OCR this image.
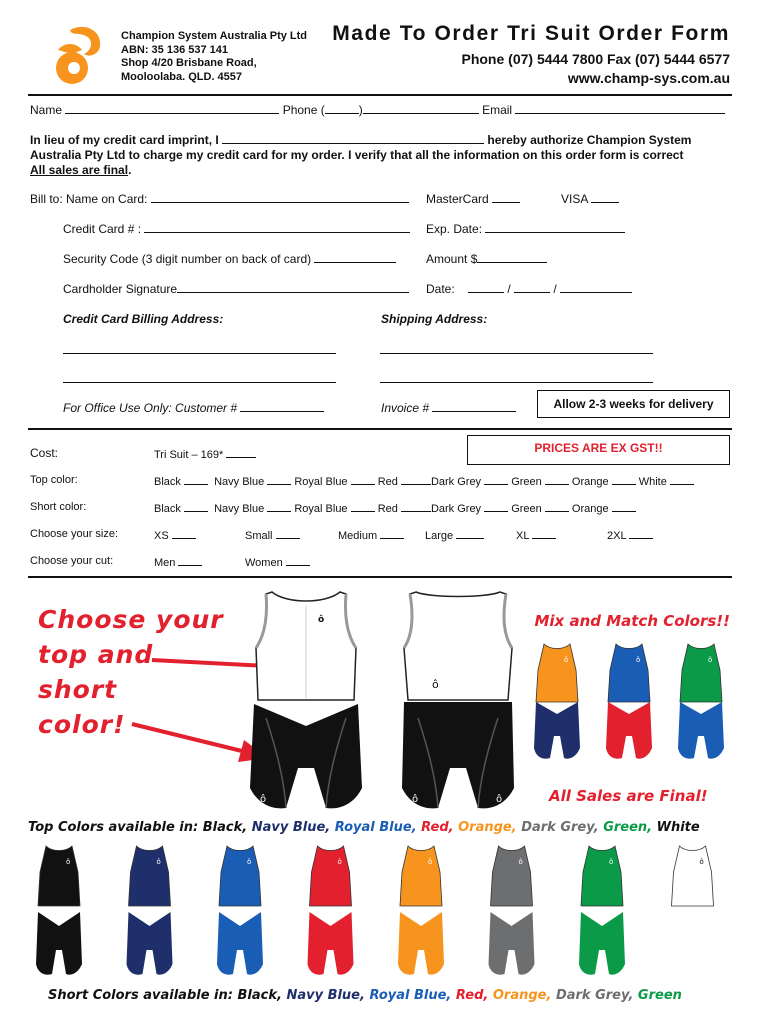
Champion System Australia Pty Ltd
ABN: 35 136 537 141
Shop 4/20 Brisbane Road,
Mooloolaba. QLD. 4557
Made To Order Tri Suit Order Form
Phone (07) 5444 7800 Fax (07) 5444 6577
www.champ-sys.com.au
Name	Phone (	)	Email
In lieu of my credit card imprint, I	hereby authorize Champion System
Australia Pty Ltd to charge my credit card for my order. I verify that all the information on this order form is correct
All sales are final.
Bill to: Name on Card:	MasterCard	VISA
Credit Card # :	Exp. Date:
Security Code (3 digit number on back of card)	Amount $
Cardholder Signature	Date:	/	/
Credit Card Billing Address:	Shipping Address:
For Office Use Only: Customer #	Invoice #	Allow 2-3 weeks for delivery
Cost:	Tri Suit – 169*	PRICES ARE EX GST!!
Top color:	Black	Navy Blue	Royal Blue	Red	Dark Grey	Green	Orange	White
Short color:	Black	Navy Blue	Royal Blue	Red	Dark Grey	Green	Orange
Choose your size:	XS	Small	Medium	Large	XL	2XL
Choose your cut:	Men	Women
Choose your
top and
short
color!
ô
ô
ô
ô	ô
Mix and Match Colors!!
ô	ô	ô
All Sales are Final!
Top Colors available in: Black, Navy Blue, Royal Blue, Red, Orange, Dark Grey, Green, White
ô	ô	ô	ô	ô	ô	ô	ô
Short Colors available in: Black, Navy Blue, Royal Blue, Red, Orange, Dark Grey, Green
